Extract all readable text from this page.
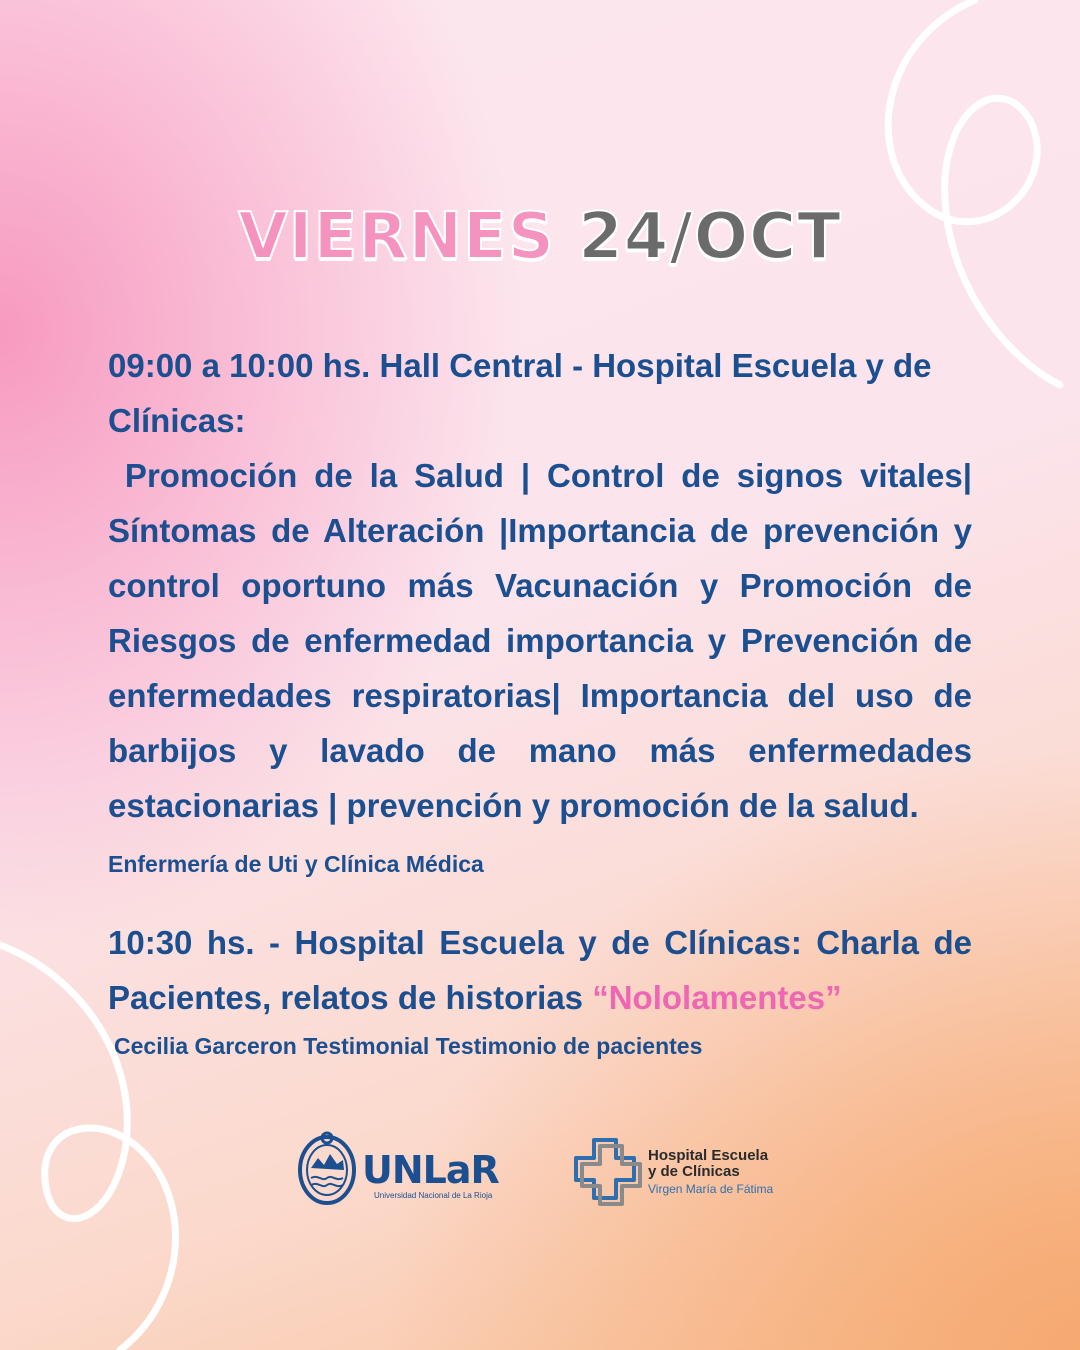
VIERNES 24/OCT

09:00 a 10:00 hs. Hall Central - Hospital Escuela y de
Clínicas:

Promoción de la Salud | Control de signos vitales| Síntomas de Alteración |Importancia de prevención y control oportuno más Vacunación y Promoción de Riesgos de enfermedad importancia y Prevención de enfermedades respiratorias| Importancia del uso de barbijos y lavado de mano más enfermedades estacionarias | prevención y promoción de la salud.

Enfermería de Uti y Clínica Médica

10:30 hs. - Hospital Escuela y de Clínicas: Charla de Pacientes, relatos de historias “Nololamentes”

Cecilia Garceron Testimonial Testimonio de pacientes

UNLaR
Universidad Nacional de La Rioja
Hospital Escuela
y de Clínicas
Virgen María de Fátima
